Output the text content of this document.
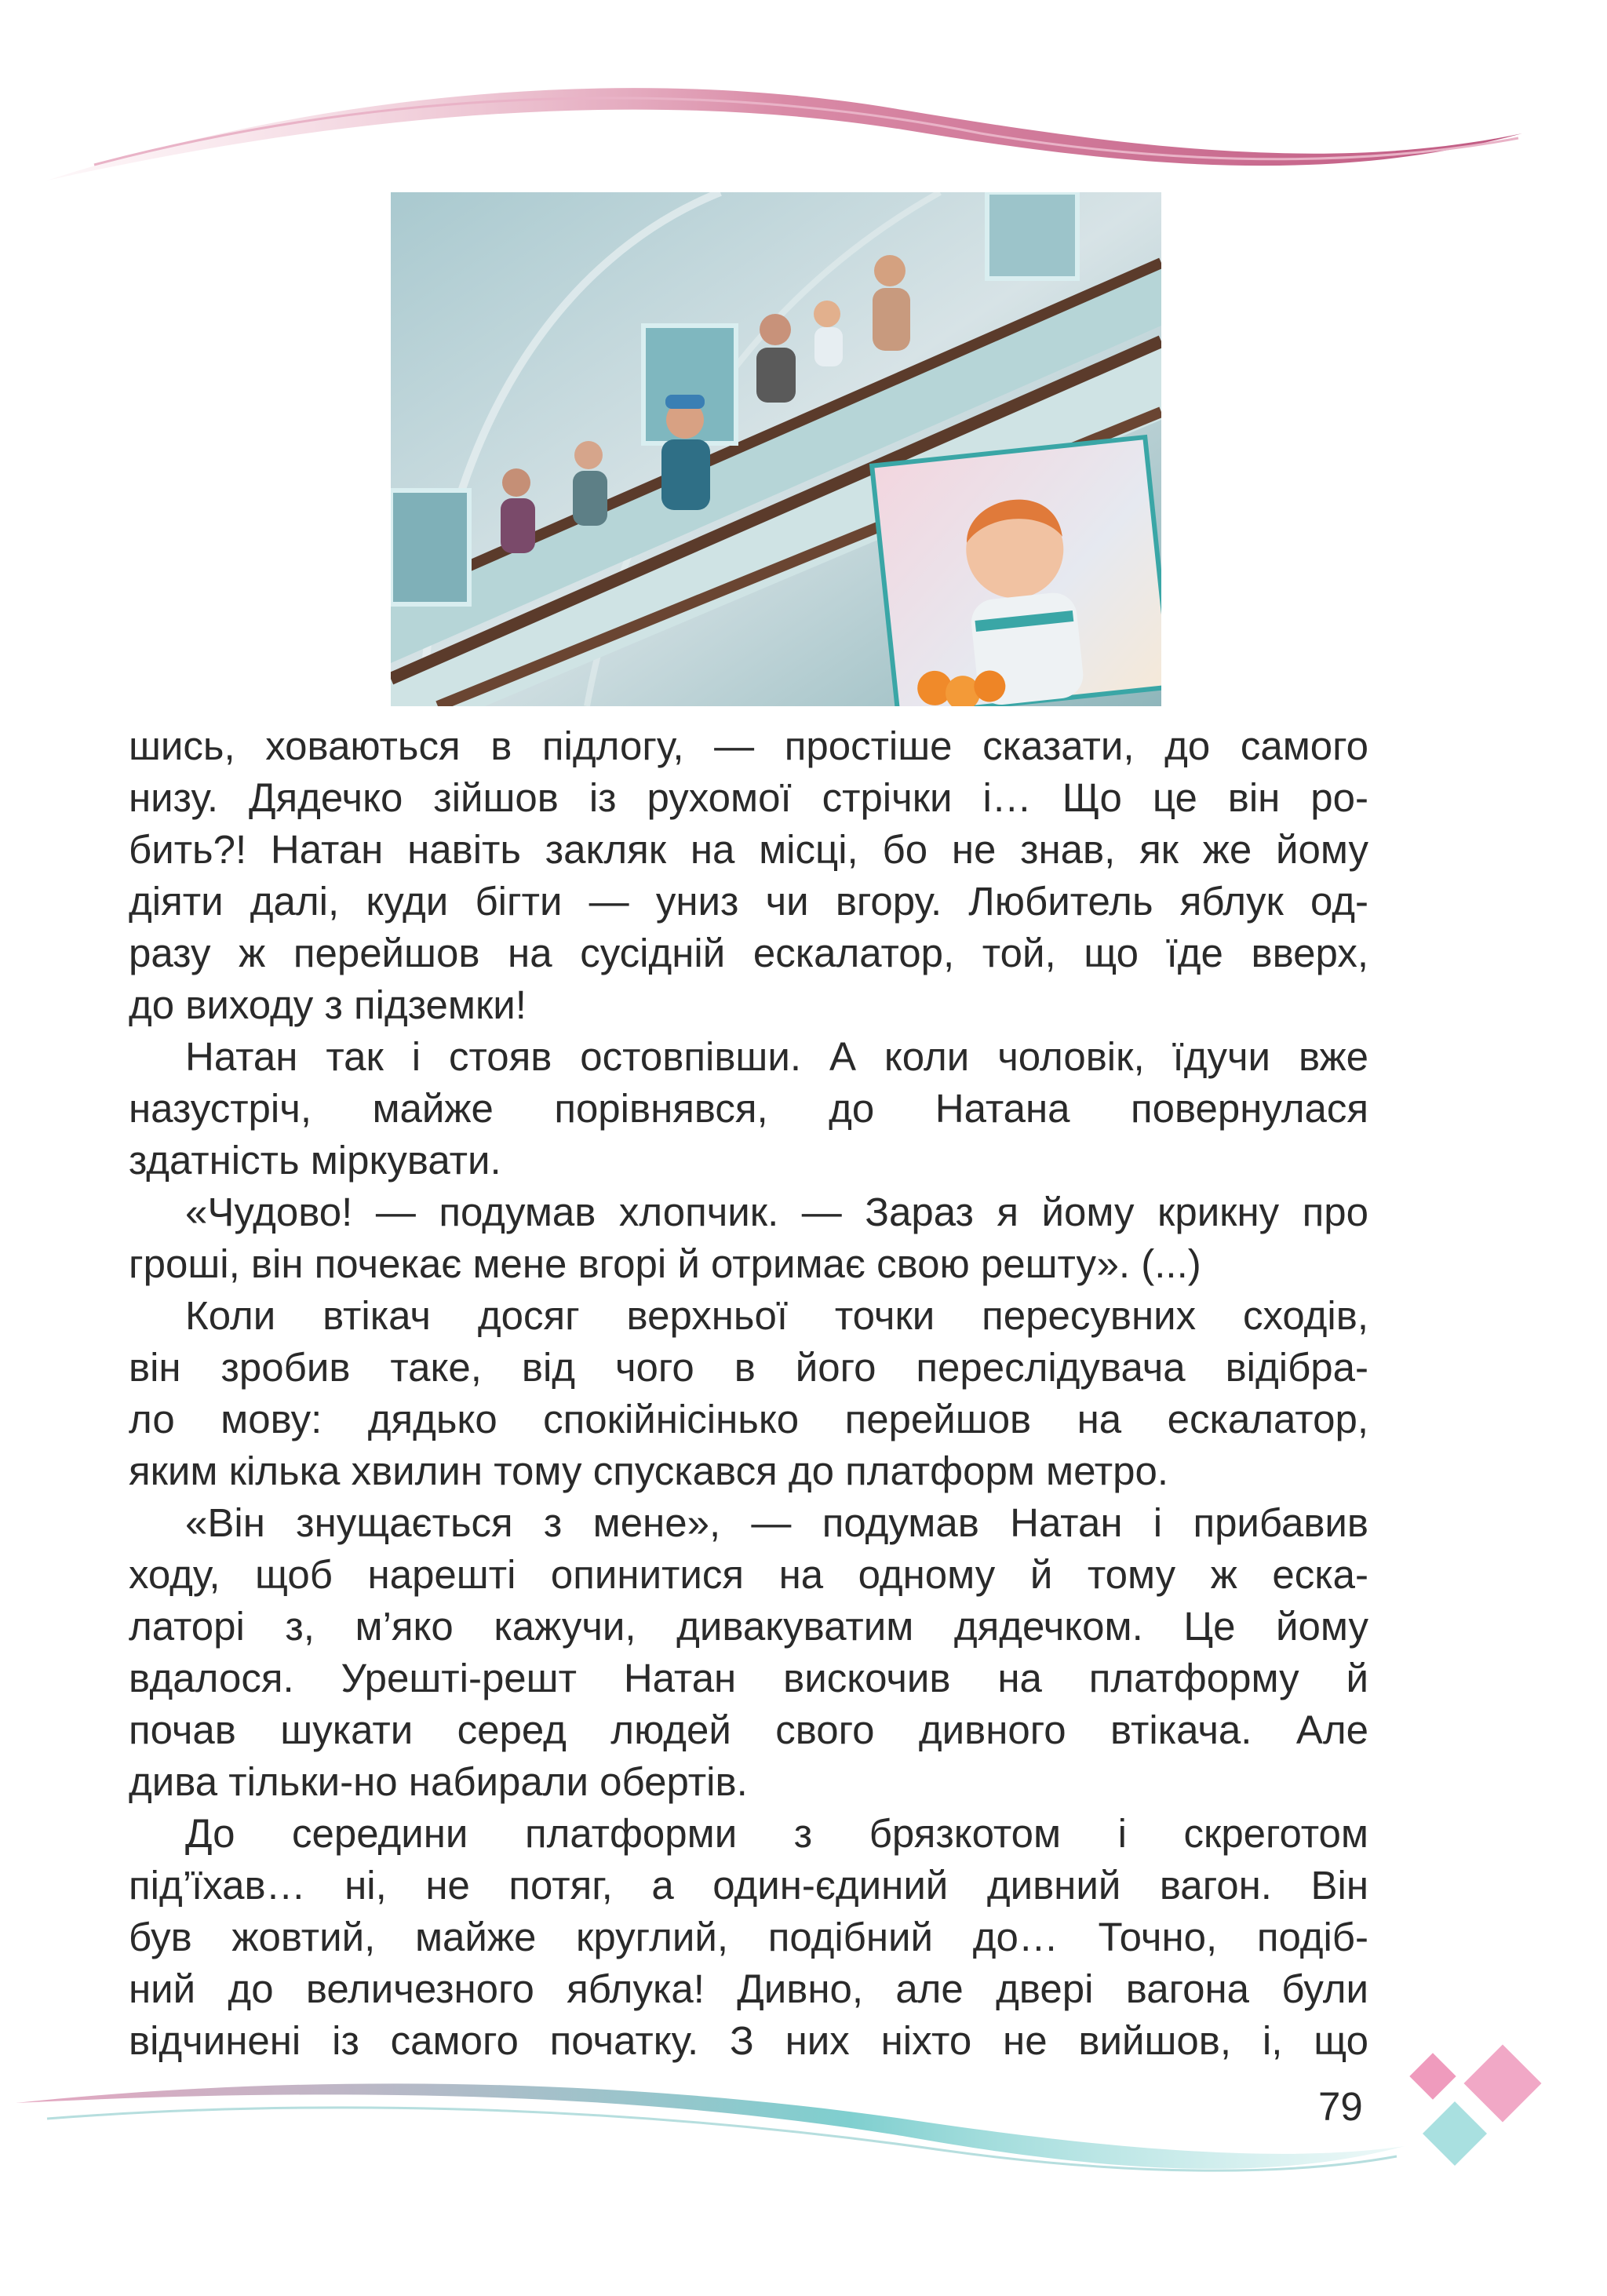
шись, ховаються в підлогу, — простіше сказати, до самого

низу. Дядечко зійшов із рухомої стрічки і… Що це він ро-

бить?! Натан навіть закляк на місці, бо не знав, як же йому

діяти далі, куди бігти — униз чи вгору. Любитель яблук од-

разу ж перейшов на сусідній ескалатор, той, що їде вверх,

до виходу з підземки!

Натан так і стояв остовпівши. А коли чоловік, їдучи вже

назустріч, майже порівнявся, до Натана повернулася

здатність міркувати.

«Чудово! — подумав хлопчик. — Зараз я йому крикну про

гроші, він почекає мене вгорі й отримає свою решту». (...)

Коли втікач досяг верхньої точки пересувних сходів,

він зробив таке, від чого в його переслідувача відібра-

ло мову: дядько спокійнісінько перейшов на ескалатор,

яким кілька хвилин тому спускався до платформ метро.

«Він знущається з мене», — подумав Натан і прибавив

ходу, щоб нарешті опинитися на одному й тому ж еска-

латорі з, м’яко кажучи, дивакуватим дядечком. Це йому

вдалося. Урешті-решт Натан вискочив на платформу й

почав шукати серед людей свого дивного втікача. Але

дива тільки-но набирали обертів.

До середини платформи з брязкотом і скреготом

під’їхав… ні, не потяг, а один-єдиний дивний вагон. Він

був жовтий, майже круглий, подібний до… Точно, подіб-

ний до величезного яблука! Дивно, але двері вагона були

відчинені із самого початку. З них ніхто не вийшов, і, що

79
